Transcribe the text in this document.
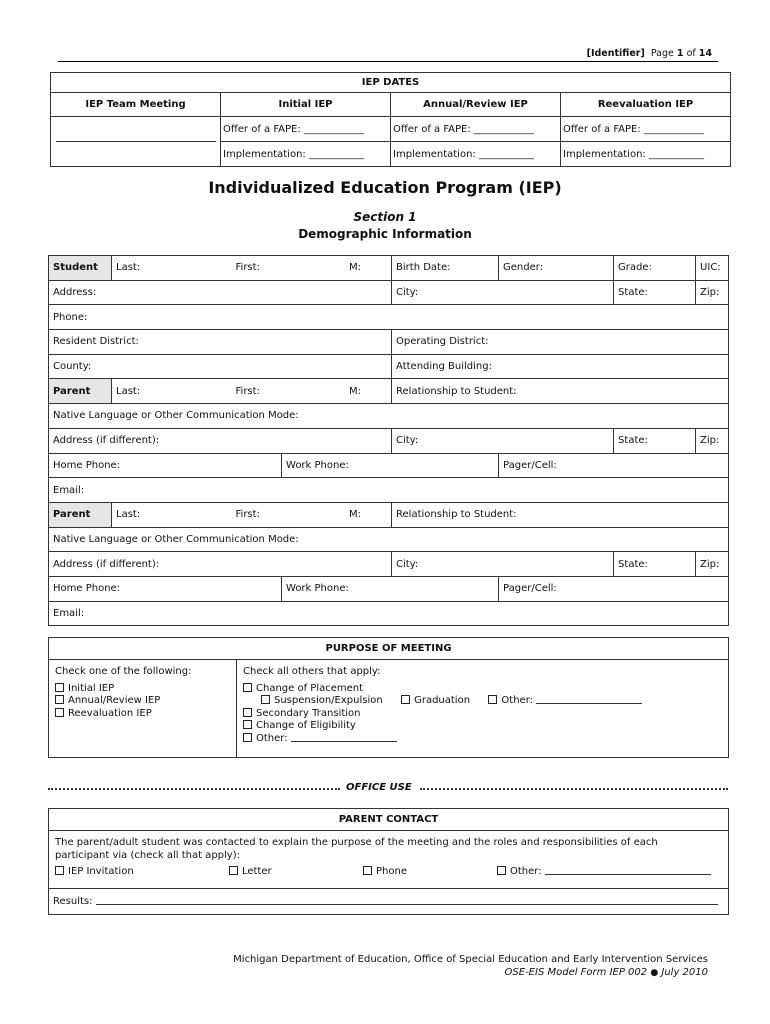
[Identifier] Page 1 of 14
IEP DATES			
IEP Team Meeting	Initial IEP	Annual/Review IEP	Reevaluation IEP

	Offer of a FAPE: ____________	Offer of a FAPE: ____________	Offer of a FAPE: ____________
	Implementation: ___________	Implementation: ___________	Implementation: ___________
Individualized Education Program (IEP)
Section 1
Demographic Information
Student	Last:	First:		M:	Birth Date:	Gender:	Grade:	UIC:
Address:					City:		State:	Zip:
Phone:								
Resident District:					Operating District:			
County:					Attending Building:			
Parent	Last:	First:		M:	Relationship to Student:			
Native Language or Other Communication Mode:								
Address (if different):					City:		State:	Zip:
Home Phone:			Work Phone:			Pager/Cell:		
Email:								
Parent	Last:	First:		M:	Relationship to Student:			
Native Language or Other Communication Mode:								
Address (if different):					City:		State:	Zip:
Home Phone:			Work Phone:			Pager/Cell:		
Email:								
PURPOSE OF MEETING

Check one of the following:
Initial IEP
Annual/Review IEP
Reevaluation IEP

Check all others that apply:
Change of Placement
Suspension/Expulsion	Graduation	Other:
Secondary Transition
Change of Eligibility
Other:
OFFICE USE
PARENT CONTACT

The parent/adult student was contacted to explain the purpose of the meeting and the roles and responsibilities of each participant via (check all that apply):
IEP Invitation	Letter	Phone	Other:

Results:
Michigan Department of Education, Office of Special Education and Early Intervention Services
OSE-EIS Model Form IEP 002 ● July 2010
